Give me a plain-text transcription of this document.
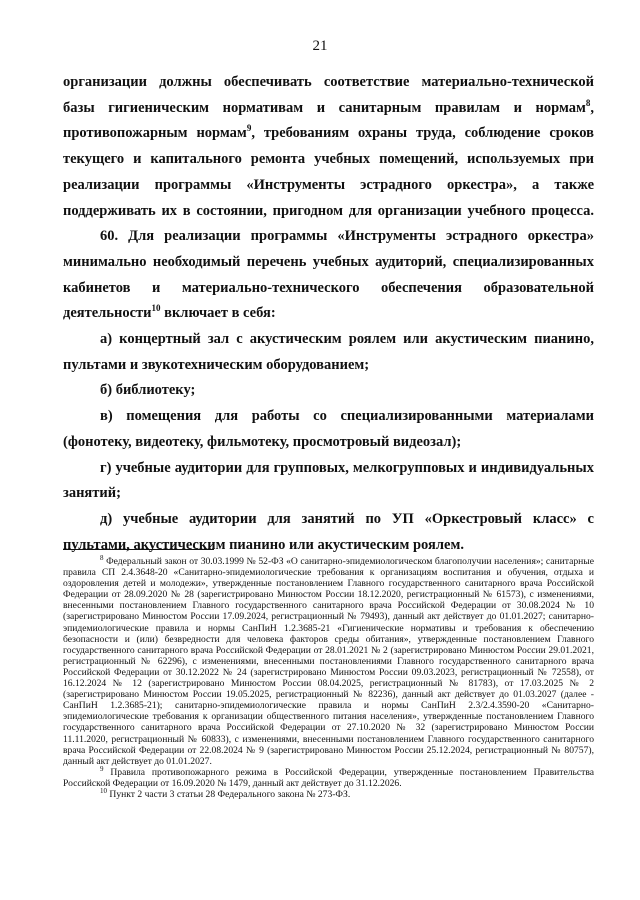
21

организации должны обеспечивать соответствие материально-технической базы гигиеническим нормативам и санитарным правилам и нормам$^8$, противопожарным нормам$^9$, требованиям охраны труда, соблюдение сроков текущего и капитального ремонта учебных помещений, используемых при реализации программы «Инструменты эстрадного оркестра», а также поддерживать их в состоянии, пригодном для организации учебного процесса.

60. Для реализации программы «Инструменты эстрадного оркестра» минимально необходимый перечень учебных аудиторий, специализированных кабинетов и материально-технического обеспечения образовательной деятельности$^{10}$ включает в себя:

а) концертный зал с акустическим роялем или акустическим пианино, пультами и звукотехническим оборудованием;

б) библиотеку;

в) помещения для работы со специализированными материалами (фонотеку, видеотеку, фильмотеку, просмотровый видеозал);

г) учебные аудитории для групповых, мелкогрупповых и индивидуальных занятий;

д) учебные аудитории для занятий по УП «Оркестровый класс» с пультами, акустическим пианино или акустическим роялем.

$^8$ Федеральный закон от 30.03.1999 № 52-ФЗ «О санитарно-эпидемиологическом благополучии населения»; санитарные правила СП 2.4.3648-20 «Санитарно-эпидемиологические требования к организациям воспитания и обучения, отдыха и оздоровления детей и молодежи», утвержденные постановлением Главного государственного санитарного врача Российской Федерации от 28.09.2020 № 28 (зарегистрировано Минюстом России 18.12.2020, регистрационный № 61573), с изменениями, внесенными постановлением Главного государственного санитарного врача Российской Федерации от 30.08.2024 № 10 (зарегистрировано Минюстом России 17.09.2024, регистрационный № 79493), данный акт действует до 01.01.2027; санитарно-эпидемиологические правила и нормы СанПиН 1.2.3685-21 «Гигиенические нормативы и требования к обеспечению безопасности и (или) безвредности для человека факторов среды обитания», утвержденные постановлением Главного государственного санитарного врача Российской Федерации от 28.01.2021 № 2 (зарегистрировано Минюстом России 29.01.2021, регистрационный № 62296), с изменениями, внесенными постановлениями Главного государственного санитарного врача Российской Федерации от 30.12.2022 № 24 (зарегистрировано Минюстом России 09.03.2023, регистрационный № 72558), от 16.12.2024 № 12 (зарегистрировано Минюстом России 08.04.2025, регистрационный № 81783), от 17.03.2025 № 2 (зарегистрировано Минюстом России 19.05.2025, регистрационный № 82236), данный акт действует до 01.03.2027 (далее - СанПиН 1.2.3685-21); санитарно-эпидемиологические правила и нормы СанПиН 2.3/2.4.3590-20 «Санитарно-эпидемиологические требования к организации общественного питания населения», утвержденные постановлением Главного государственного санитарного врача Российской Федерации от 27.10.2020 № 32 (зарегистрировано Минюстом России 11.11.2020, регистрационный № 60833), с изменениями, внесенными постановлением Главного государственного санитарного врача Российской Федерации от 22.08.2024 № 9 (зарегистрировано Минюстом России 25.12.2024, регистрационный № 80757), данный акт действует до 01.01.2027.

$^9$ Правила противопожарного режима в Российской Федерации, утвержденные постановлением Правительства Российской Федерации от 16.09.2020 № 1479, данный акт действует до 31.12.2026.

$^{10}$ Пункт 2 части 3 статьи 28 Федерального закона № 273-ФЗ.
